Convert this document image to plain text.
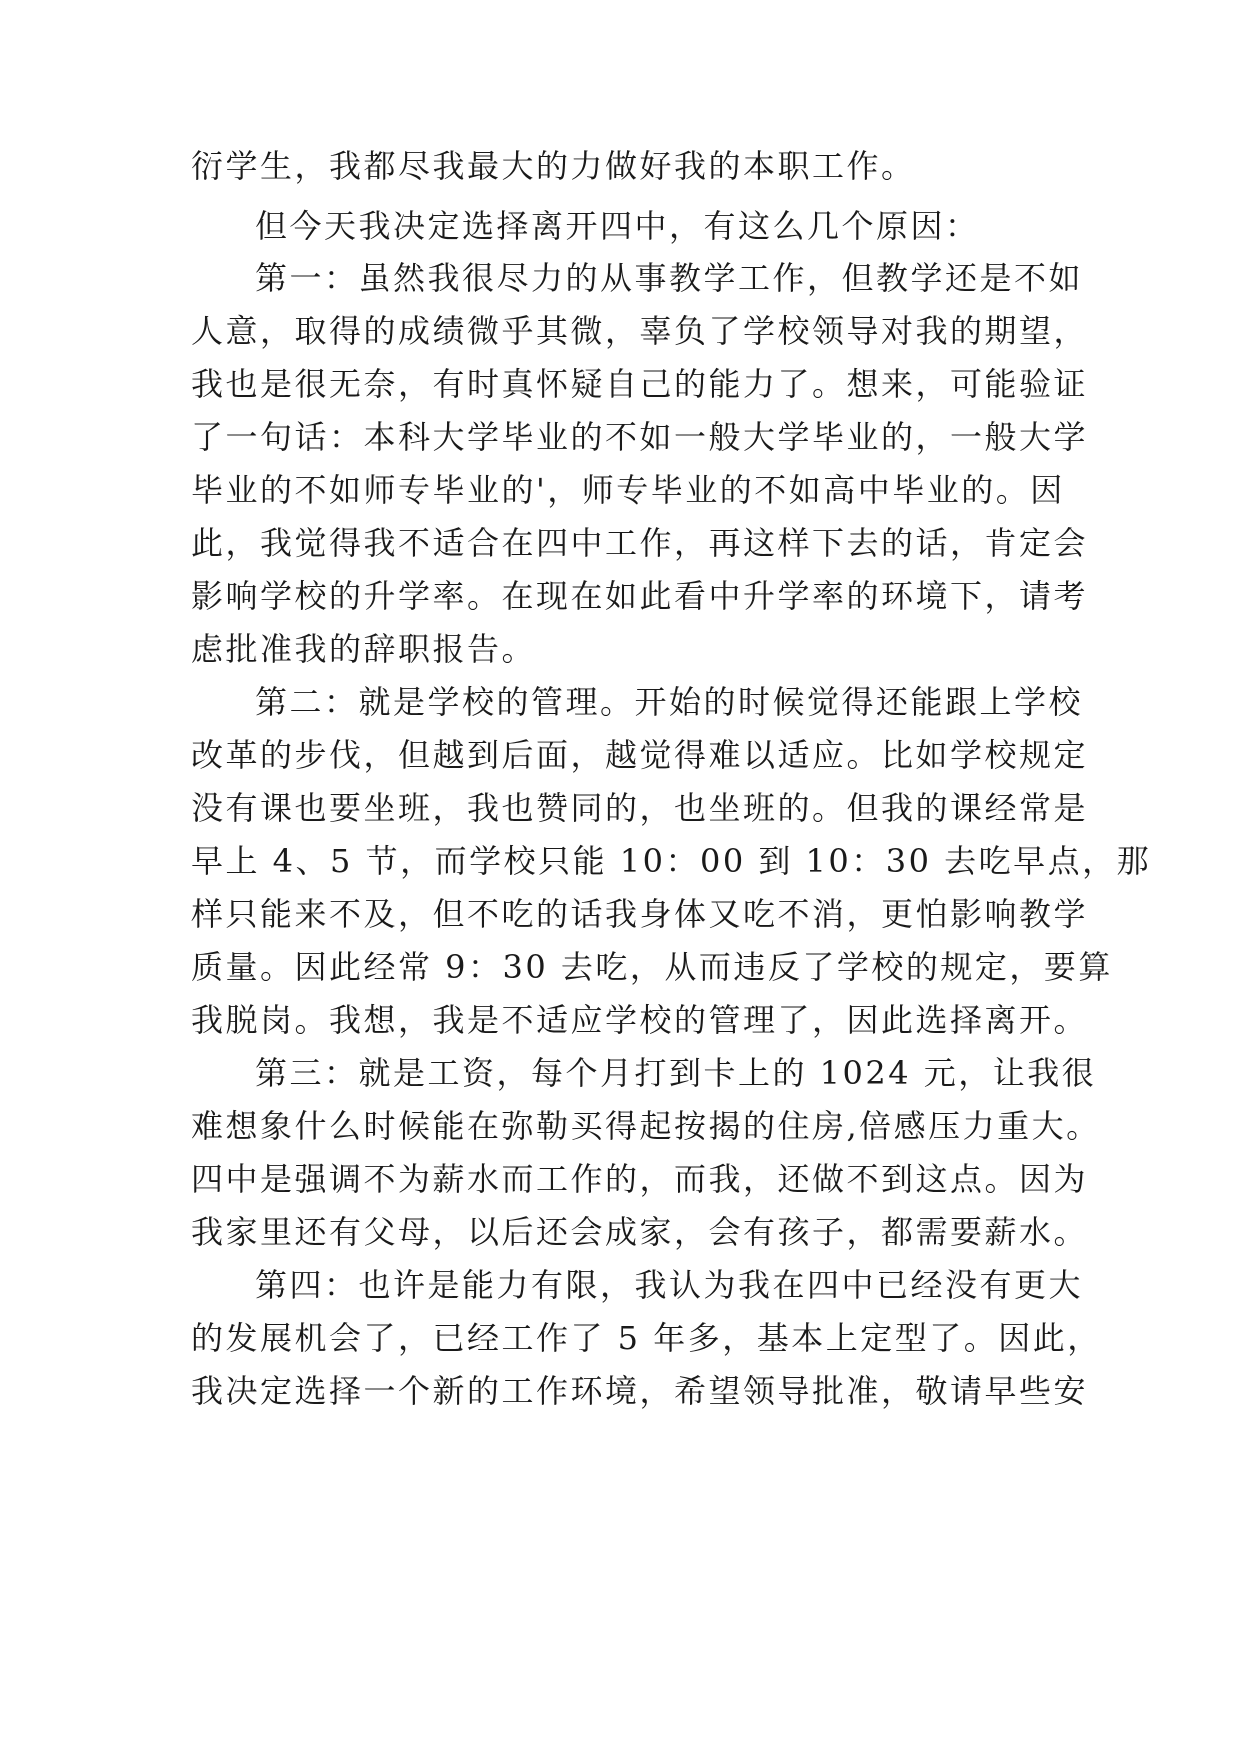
衍学生，我都尽我最大的力做好我的本职工作。

但今天我决定选择离开四中，有这么几个原因：

第一：虽然我很尽力的从事教学工作，但教学还是不如

人意，取得的成绩微乎其微，辜负了学校领导对我的期望，

我也是很无奈，有时真怀疑自己的能力了。想来，可能验证

了一句话：本科大学毕业的不如一般大学毕业的，一般大学

毕业的不如师专毕业的'，师专毕业的不如高中毕业的。因

此，我觉得我不适合在四中工作，再这样下去的话，肯定会

影响学校的升学率。在现在如此看中升学率的环境下，请考

虑批准我的辞职报告。

第二：就是学校的管理。开始的时候觉得还能跟上学校

改革的步伐，但越到后面，越觉得难以适应。比如学校规定

没有课也要坐班，我也赞同的，也坐班的。但我的课经常是

早上 4、5 节，而学校只能 10：00 到 10：30 去吃早点，那

样只能来不及，但不吃的话我身体又吃不消，更怕影响教学

质量。因此经常 9：30 去吃，从而违反了学校的规定，要算

我脱岗。我想，我是不适应学校的管理了，因此选择离开。

第三：就是工资，每个月打到卡上的 1024 元，让我很

难想象什么时候能在弥勒买得起按揭的住房,倍感压力重大。

四中是强调不为薪水而工作的，而我，还做不到这点。因为

我家里还有父母，以后还会成家，会有孩子，都需要薪水。

第四：也许是能力有限，我认为我在四中已经没有更大

的发展机会了，已经工作了 5 年多，基本上定型了。因此，

我决定选择一个新的工作环境，希望领导批准，敬请早些安
